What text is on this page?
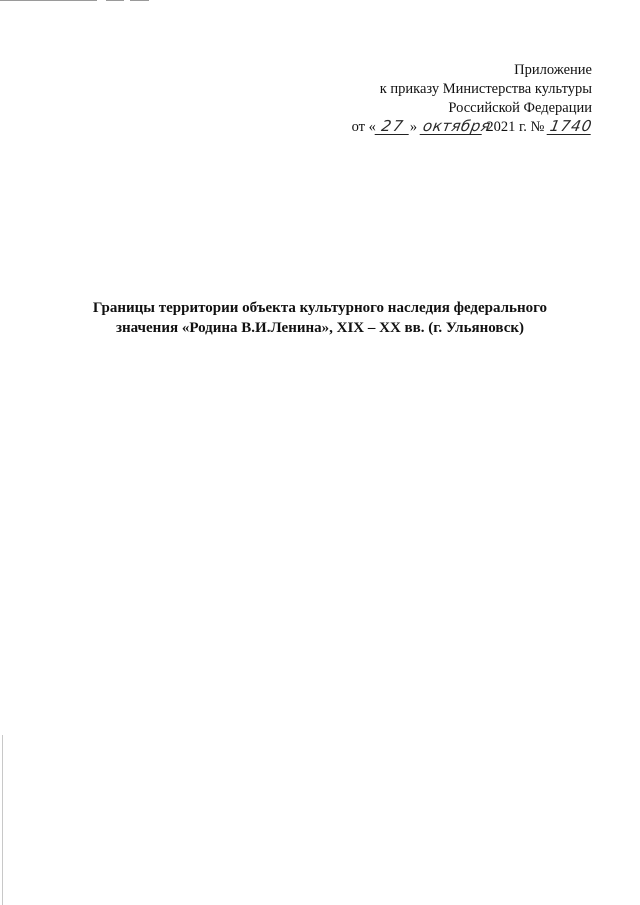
Приложение
к приказу Министерства культуры
Российской Федерации
от « 27 » октября 2021 г. № 1740
Границы территории объекта культурного наследия федерального
значения «Родина В.И.Ленина», XIX – XX вв. (г. Ульяновск)
